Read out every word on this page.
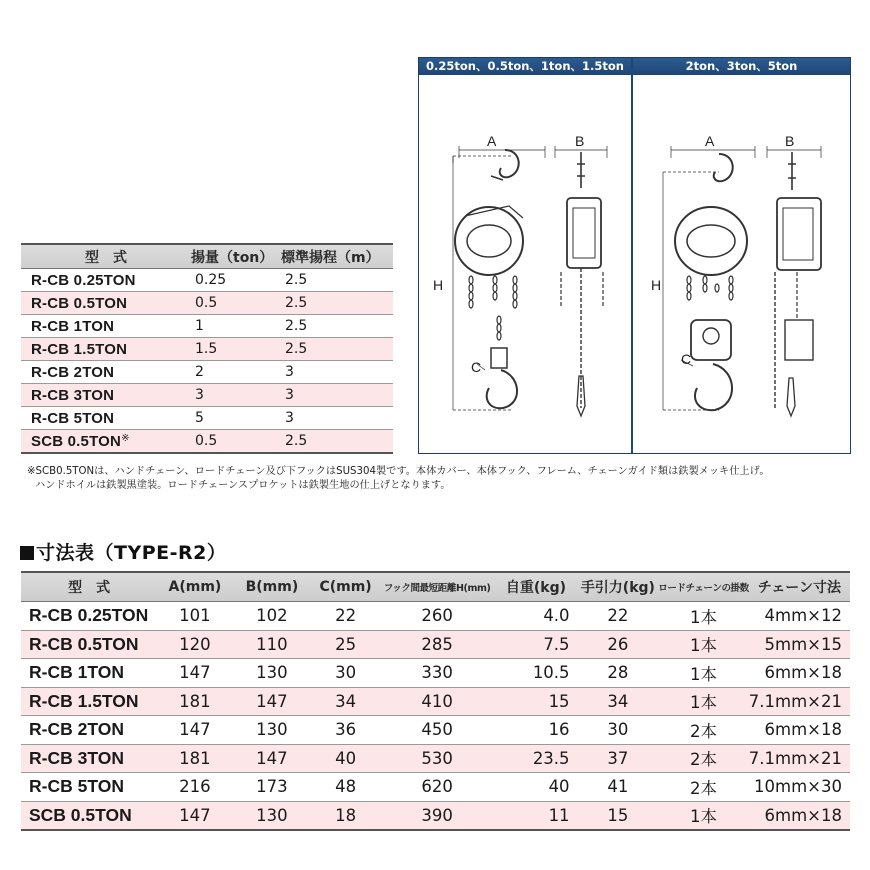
型　式	揚量（ton）	標準揚程（m）
R-CB 0.25TON	0.25	2.5
R-CB 0.5TON	0.5	2.5
R-CB 1TON	1	2.5
R-CB 1.5TON	1.5	2.5
R-CB 2TON	2	3
R-CB 3TON	3	3
R-CB 5TON	5	3
SCB 0.5TON※	0.5	2.5
0.25ton、0.5ton、1ton、1.5ton	2ton、3ton、5ton
A	B
H
C
A	B
H
C

※SCB0.5TONは、ハンドチェーン、ロードチェーン及び下フックはSUS304製です。本体カバー、本体フック、フレーム、チェーンガイド類は鉄製メッキ仕上げ。

ハンドホイルは鉄製黒塗装。ロードチェーンスプロケットは鉄製生地の仕上げとなります。

寸法表（TYPE-R2）
型　式	A(mm)	B(mm)	C(mm)	フック間最短距離H(mm)	自重(kg)	手引力(kg)	ロードチェーンの掛数	チェーン寸法
R-CB 0.25TON	101	102	22	260	4.0	22	1本	4mm×12
R-CB 0.5TON	120	110	25	285	7.5	26	1本	5mm×15
R-CB 1TON	147	130	30	330	10.5	28	1本	6mm×18
R-CB 1.5TON	181	147	34	410	15	34	1本	7.1mm×21
R-CB 2TON	147	130	36	450	16	30	2本	6mm×18
R-CB 3TON	181	147	40	530	23.5	37	2本	7.1mm×21
R-CB 5TON	216	173	48	620	40	41	2本	10mm×30
SCB 0.5TON	147	130	18	390	11	15	1本	6mm×18
